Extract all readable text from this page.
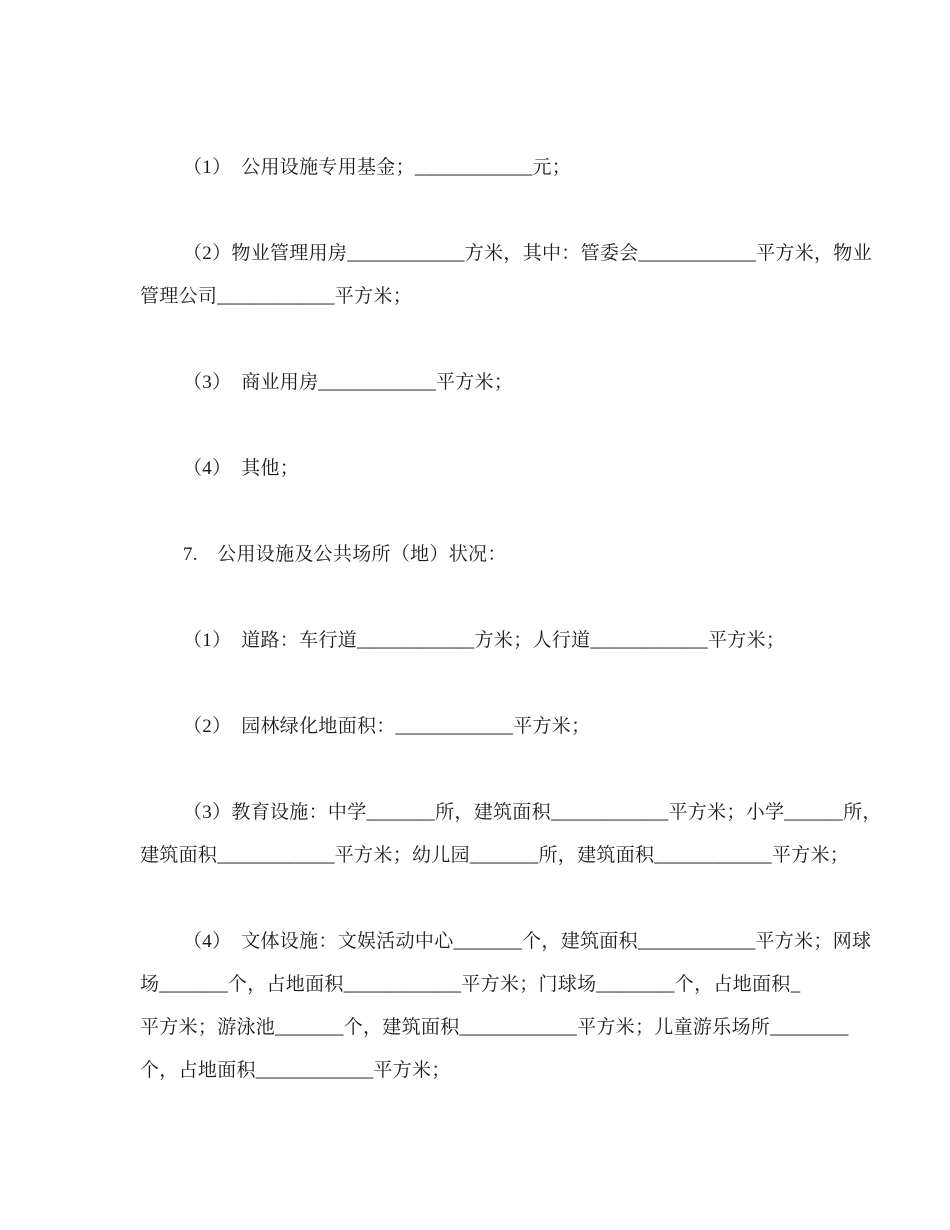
（1）　公用设施专用基金；____________元；
（2）物业管理用房____________方米，其中：管委会____________平方米，物业
管理公司____________平方米；
（3）　商业用房____________平方米；
（4）　其他；
7.　公用设施及公共场所（地）状况：
（1）　道路：车行道____________方米；人行道____________平方米；
（2）　园林绿化地面积：____________平方米；
（3）教育设施：中学_______所，建筑面积____________平方米；小学______所，
建筑面积____________平方米；幼儿园_______所，建筑面积____________平方米；
（4）　文体设施：文娱活动中心_______个，建筑面积____________平方米；网球
场_______个，占地面积____________平方米；门球场________个，占地面积_
平方米；游泳池_______个，建筑面积____________平方米；儿童游乐场所________
个，占地面积____________平方米；
